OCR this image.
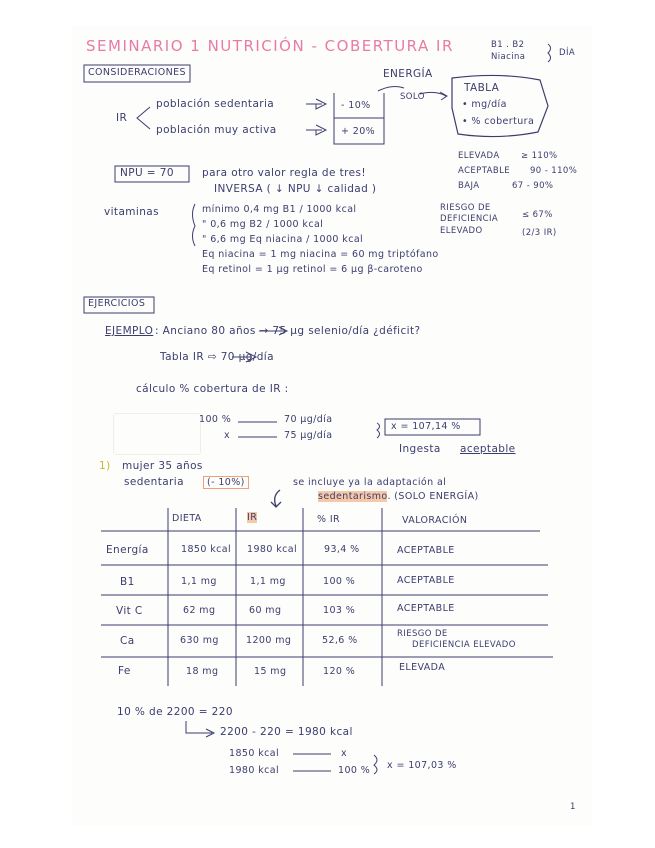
SEMINARIO 1 NUTRICIÓN - COBERTURA IR	B1 . B2
Niacina	DÍA
CONSIDERACIONES
IR
población sedentaria
población muy activa
- 10%
+ 20%
ENERGÍA
SOLO
TABLA
• mg/día
• % cobertura
NPU = 70	para otro valor regla de tres!
INVERSA ( ↓ NPU ↓ calidad )
ELEVADA	≥ 110%
ACEPTABLE 90 - 110%
BAJA	67 - 90%
RIESGO DE
DEFICIENCIA
ELEVADO
≤ 67%
(2/3 IR)
vitaminas	mínimo 0,4 mg B1 / 1000 kcal
" 0,6 mg B2 / 1000 kcal
" 6,6 mg Eq niacina / 1000 kcal
Eq niacina = 1 mg niacina = 60 mg triptófano
Eq retinol = 1 μg retinol = 6 μg β-caroteno
EJERCICIOS
EJEMPLO : Anciano 80 años → 75 μg selenio/día ¿déficit?
Tabla IR ⇨ 70 μg/día
cálculo % cobertura de IR :
100 %	70 μg/día
x	75 μg/día
x = 107,14 %
Ingesta aceptable
1) mujer 35 años
sedentaria	(- 10%)	se incluye ya la adaptación al
sedentarismo. (SOLO ENERGÍA)
DIETA	IR	% IR	VALORACIÓN
Energía	1850 kcal 1980 kcal	93,4 %	ACEPTABLE
B1	1,1 mg	1,1 mg	100 %	ACEPTABLE
Vit C	62 mg	60 mg	103 %	ACEPTABLE
Ca	630 mg	1200 mg	52,6 %
RIESGO DE
DEFICIENCIA ELEVADO
Fe	18 mg	15 mg	120 %	ELEVADA
10 % de 2200 = 220
2200 - 220 = 1980 kcal
1850 kcal	x
1980 kcal	100 % x = 107,03 %
1
